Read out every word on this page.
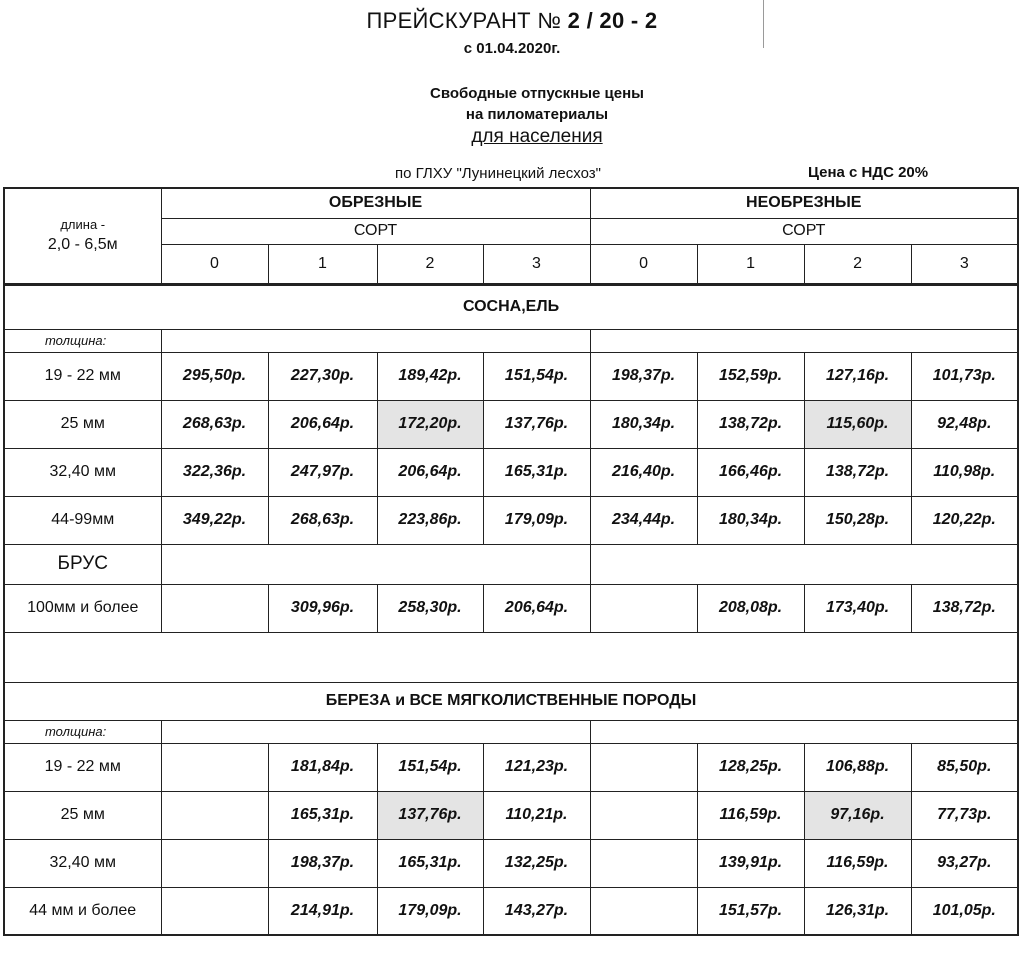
ПРЕЙСКУРАНТ № 2 / 20 - 2
с 01.04.2020г.
Свободные отпускные цены
на пиломатериалы
для населения
по ГЛХУ "Лунинецкий лесхоз"	Цена с НДС 20%
длина -
2,0 - 6,5м	ОБРЕЗНЫЕ				НЕОБРЕЗНЫЕ			
	СОРТ				СОРТ			
	0	1	2	3	0	1	2	3
СОСНА,ЕЛЬ								
толщина:								
19 - 22 мм	295,50р.	227,30р.	189,42р.	151,54р.	198,37р.	152,59р.	127,16р.	101,73р.
25 мм	268,63р.	206,64р.	172,20р.	137,76р.	180,34р.	138,72р.	115,60р.	92,48р.
32,40 мм	322,36р.	247,97р.	206,64р.	165,31р.	216,40р.	166,46р.	138,72р.	110,98р.
44-99мм	349,22р.	268,63р.	223,86р.	179,09р.	234,44р.	180,34р.	150,28р.	120,22р.
БРУС								
100мм и более		309,96р.	258,30р.	206,64р.		208,08р.	173,40р.	138,72р.

БЕРЕЗА и ВСЕ МЯГКОЛИСТВЕННЫЕ ПОРОДЫ								
толщина:								
19 - 22 мм		181,84р.	151,54р.	121,23р.		128,25р.	106,88р.	85,50р.
25 мм		165,31р.	137,76р.	110,21р.		116,59р.	97,16р.	77,73р.
32,40 мм		198,37р.	165,31р.	132,25р.		139,91р.	116,59р.	93,27р.
44 мм и более		214,91р.	179,09р.	143,27р.		151,57р.	126,31р.	101,05р.
